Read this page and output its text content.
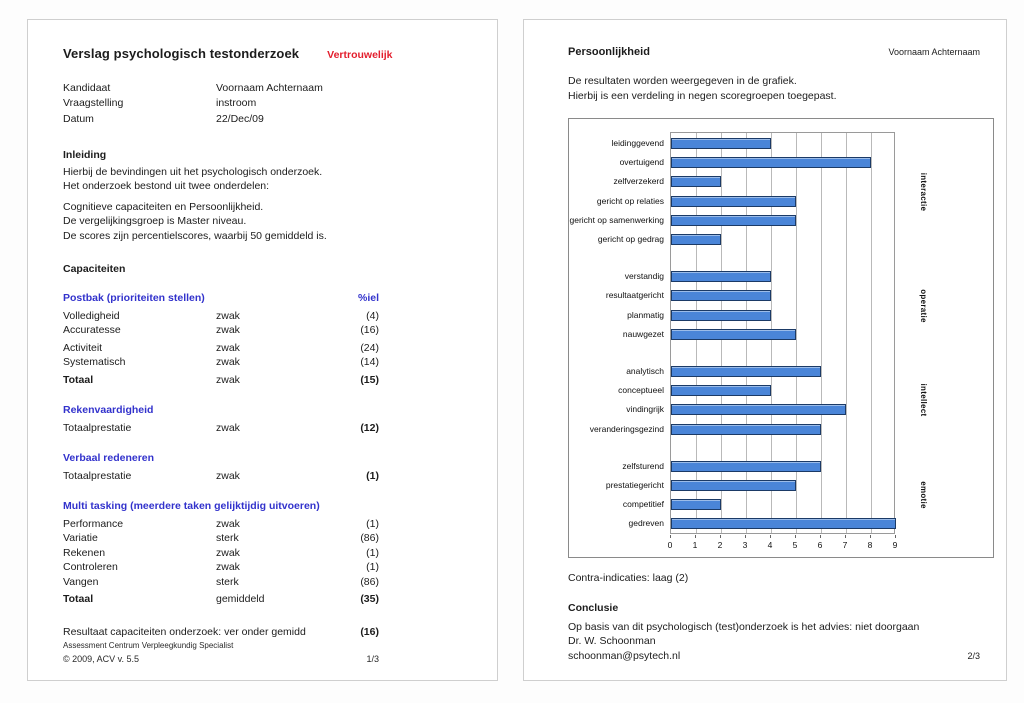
Verslag psychologisch testonderzoek	Vertrouwelijk
Kandidaat	Voornaam Achternaam
Vraagstelling	instroom
Datum	22/Dec/09
Inleiding
Hierbij de bevindingen uit het psychologisch onderzoek.
Het onderzoek bestond uit twee onderdelen:
Cognitieve capaciteiten en Persoonlijkheid.
De vergelijkingsgroep is Master niveau.
De scores zijn percentielscores, waarbij 50 gemiddeld is.
Capaciteiten
Postbak (prioriteiten stellen)	%iel
Volledigheid	zwak	(4)
Accuratesse	zwak	(16)
Activiteit	zwak	(24)
Systematisch	zwak	(14)
Totaal	zwak	(15)
Rekenvaardigheid
Totaalprestatie	zwak	(12)
Verbaal redeneren
Totaalprestatie	zwak	(1)
Multi tasking (meerdere taken gelijktijdig uitvoeren)
Performance	zwak	(1)
Variatie	sterk	(86)
Rekenen	zwak	(1)
Controleren	zwak	(1)
Vangen	sterk	(86)
Totaal	gemiddeld	(35)
Resultaat capaciteiten onderzoek: ver onder gemidd	(16)
Assessment Centrum Verpleegkundig Specialist
© 2009, ACV v. 5.5	1/3
Persoonlijkheid	Voornaam Achternaam
De resultaten worden weergegeven in de grafiek.
Hierbij is een verdeling in negen scoregroepen toegepast.
leidinggevend
overtuigend
zelfverzekerd
gericht op relaties
gericht op samenwerking
gericht op gedrag
interactie
verstandig
resultaatgericht
planmatig
nauwgezet
operatie
analytisch
conceptueel
vindingrijk
veranderingsgezind
intellect
zelfsturend
prestatiegericht
competitief
gedreven
emotie
0	1	2	3	4	5	6	7	8	9
Contra-indicaties: laag (2)
Conclusie
Op basis van dit psychologisch (test)onderzoek is het advies: niet doorgaan
Dr. W. Schoonman
schoonman@psytech.nl	2/3
